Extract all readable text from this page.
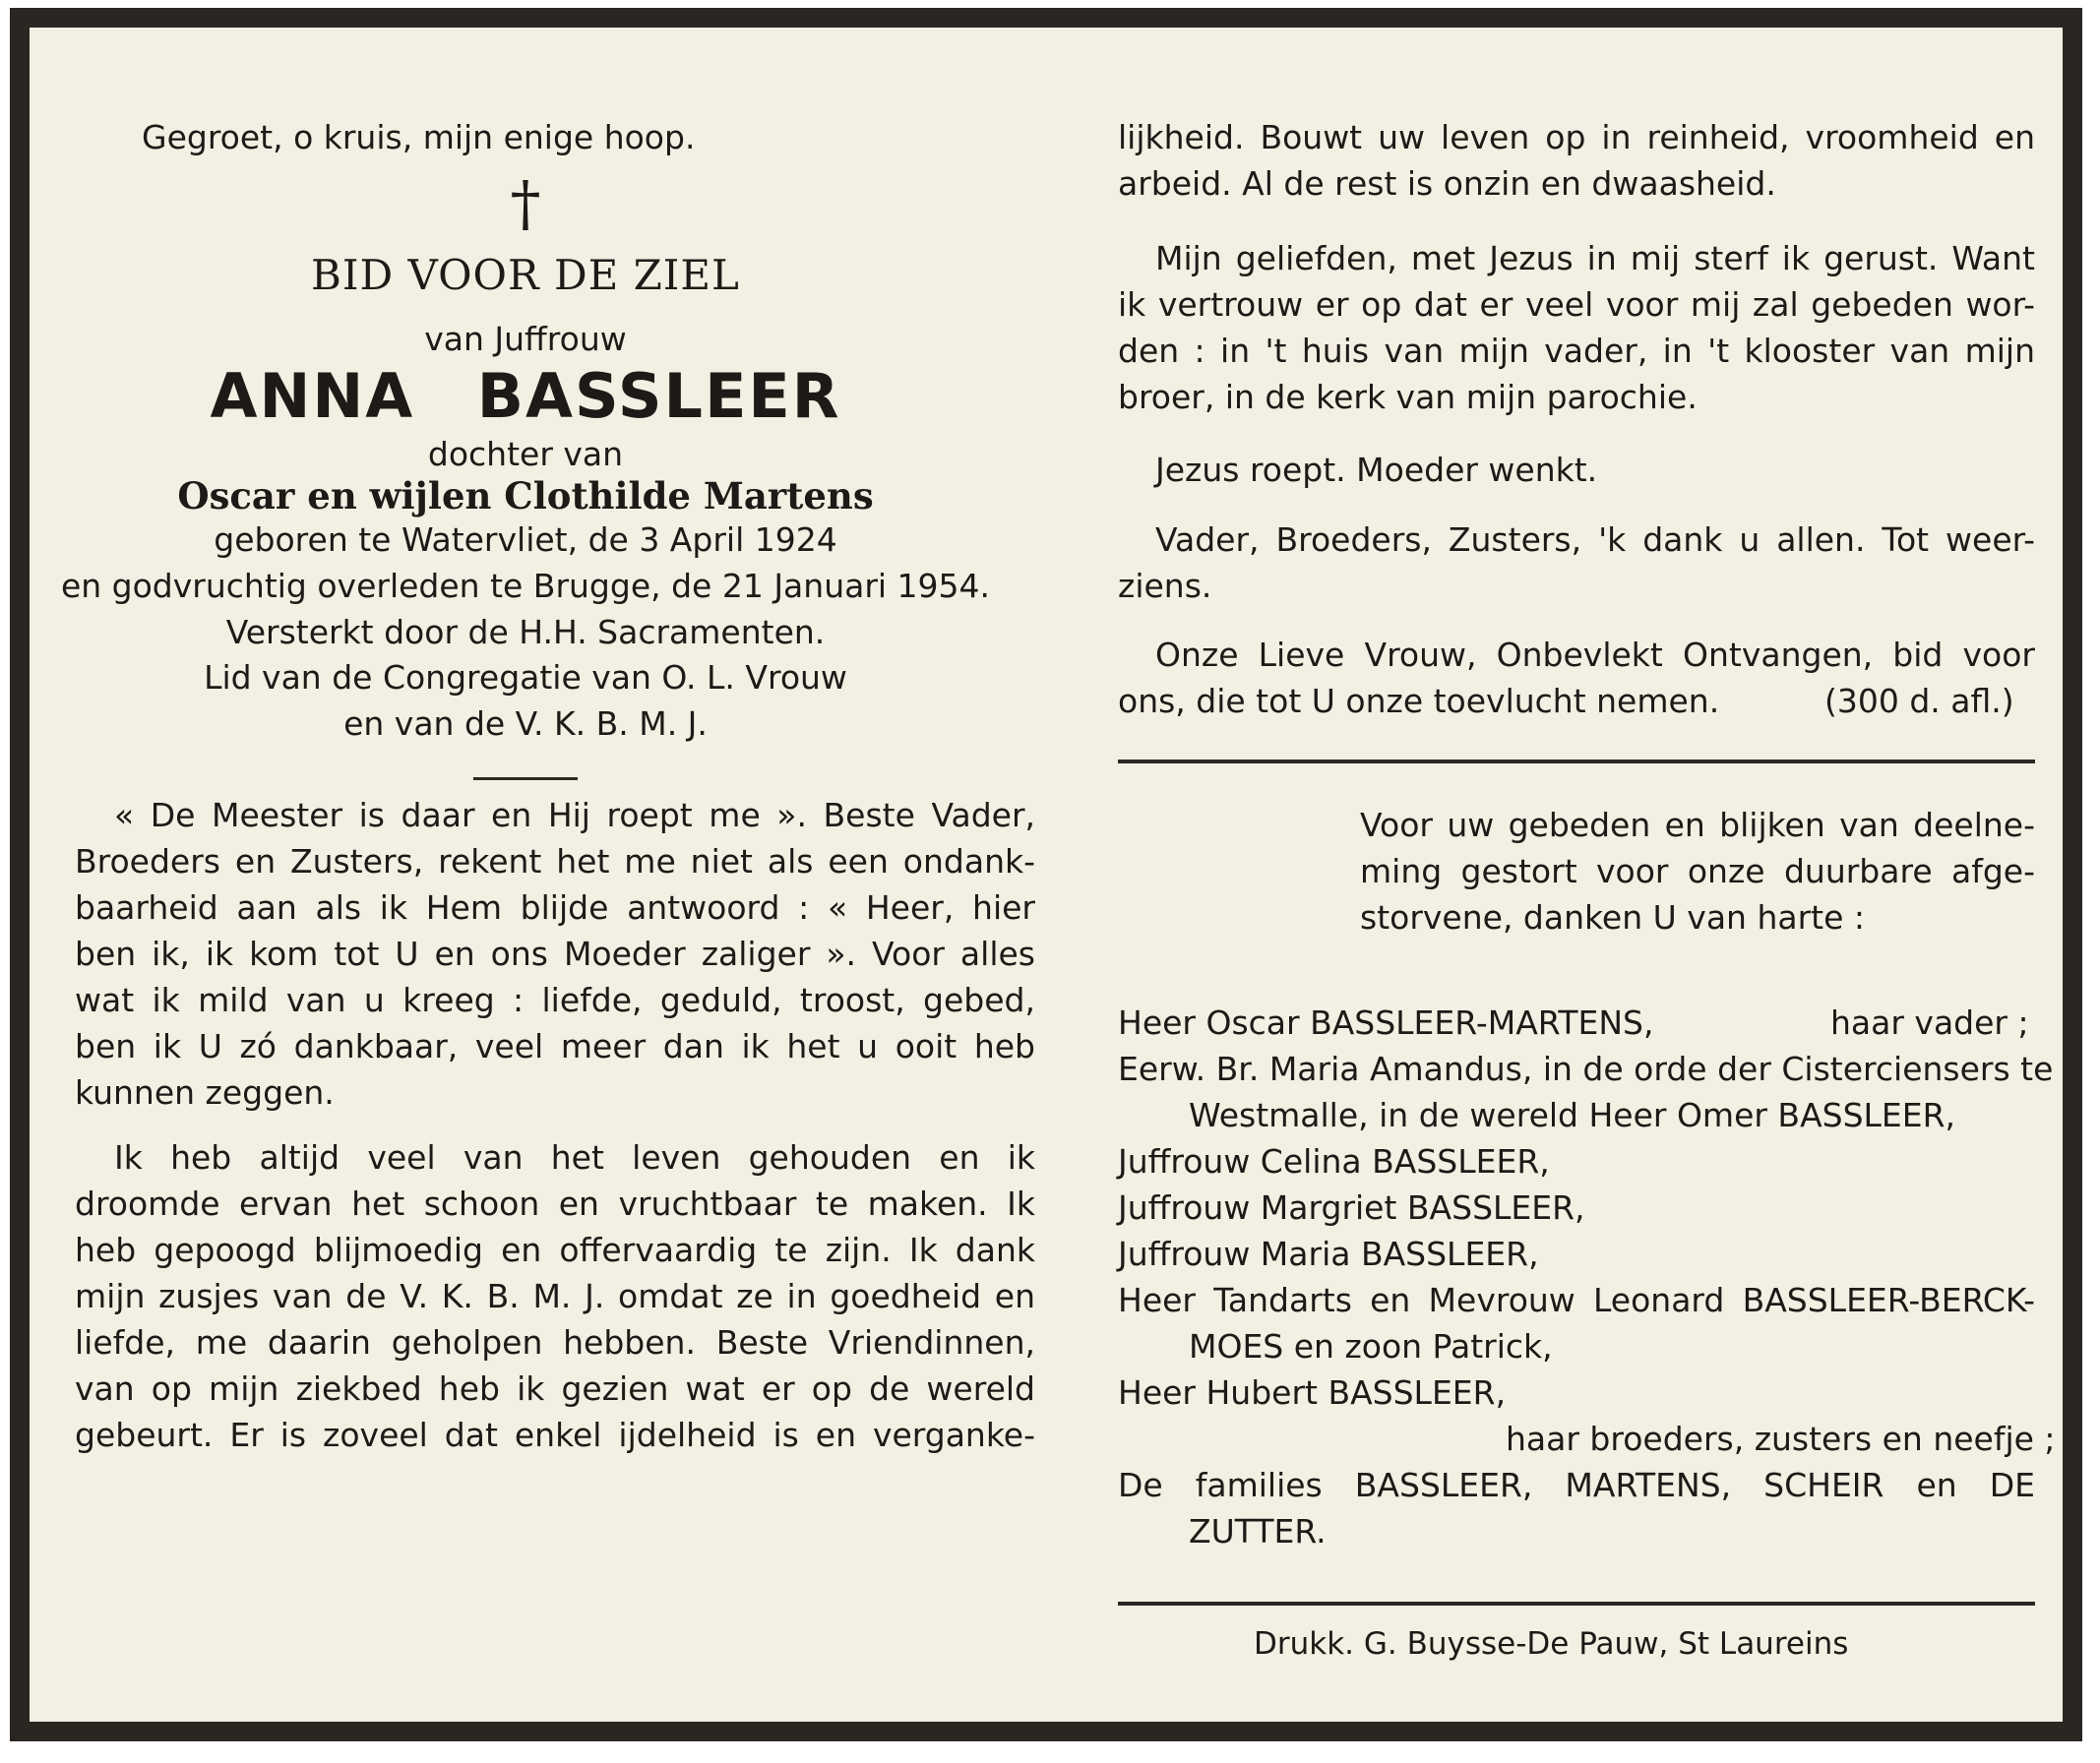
Gegroet, o kruis, mijn enige hoop.
†
BID VOOR DE ZIEL
van Juffrouw
ANNA BASSLEER
dochter van
Oscar en wijlen Clothilde Martens
geboren te Watervliet, de 3 April 1924
en godvruchtig overleden te Brugge, de 21 Januari 1954.
Versterkt door de H.H. Sacramenten.
Lid van de Congregatie van O. L. Vrouw
en van de V. K. B. M. J.
« De Meester is daar en Hij roept me ». Beste Vader,
Broeders en Zusters, rekent het me niet als een ondank-
baarheid aan als ik Hem blijde antwoord : « Heer, hier
ben ik, ik kom tot U en ons Moeder zaliger ». Voor alles
wat ik mild van u kreeg : liefde, geduld, troost, gebed,
ben ik U zó dankbaar, veel meer dan ik het u ooit heb
kunnen zeggen.
Ik heb altijd veel van het leven gehouden en ik
droomde ervan het schoon en vruchtbaar te maken. Ik
heb gepoogd blijmoedig en offervaardig te zijn. Ik dank
mijn zusjes van de V. K. B. M. J. omdat ze in goedheid en
liefde, me daarin geholpen hebben. Beste Vriendinnen,
van op mijn ziekbed heb ik gezien wat er op de wereld
gebeurt. Er is zoveel dat enkel ijdelheid is en verganke-
lijkheid. Bouwt uw leven op in reinheid, vroomheid en
arbeid. Al de rest is onzin en dwaasheid.
Mijn geliefden, met Jezus in mij sterf ik gerust. Want
ik vertrouw er op dat er veel voor mij zal gebeden wor-
den : in 't huis van mijn vader, in 't klooster van mijn
broer, in de kerk van mijn parochie.
Jezus roept. Moeder wenkt.
Vader, Broeders, Zusters, 'k dank u allen. Tot weer-
ziens.
Onze Lieve Vrouw, Onbevlekt Ontvangen, bid voor
ons, die tot U onze toevlucht nemen.	(300 d. afl.)
Voor uw gebeden en blijken van deelne-
ming gestort voor onze duurbare afge-
storvene, danken U van harte :
Heer Oscar BASSLEER-MARTENS,	haar vader ;
Eerw. Br. Maria Amandus, in de orde der Cisterciensers te
Westmalle, in de wereld Heer Omer BASSLEER,
Juffrouw Celina BASSLEER,
Juffrouw Margriet BASSLEER,
Juffrouw Maria BASSLEER,
Heer Tandarts en Mevrouw Leonard BASSLEER-BERCK-
MOES en zoon Patrick,
Heer Hubert BASSLEER,
haar broeders, zusters en neefje ;
De families BASSLEER, MARTENS, SCHEIR en DE
ZUTTER.
Drukk. G. Buysse-De Pauw, St Laureins
